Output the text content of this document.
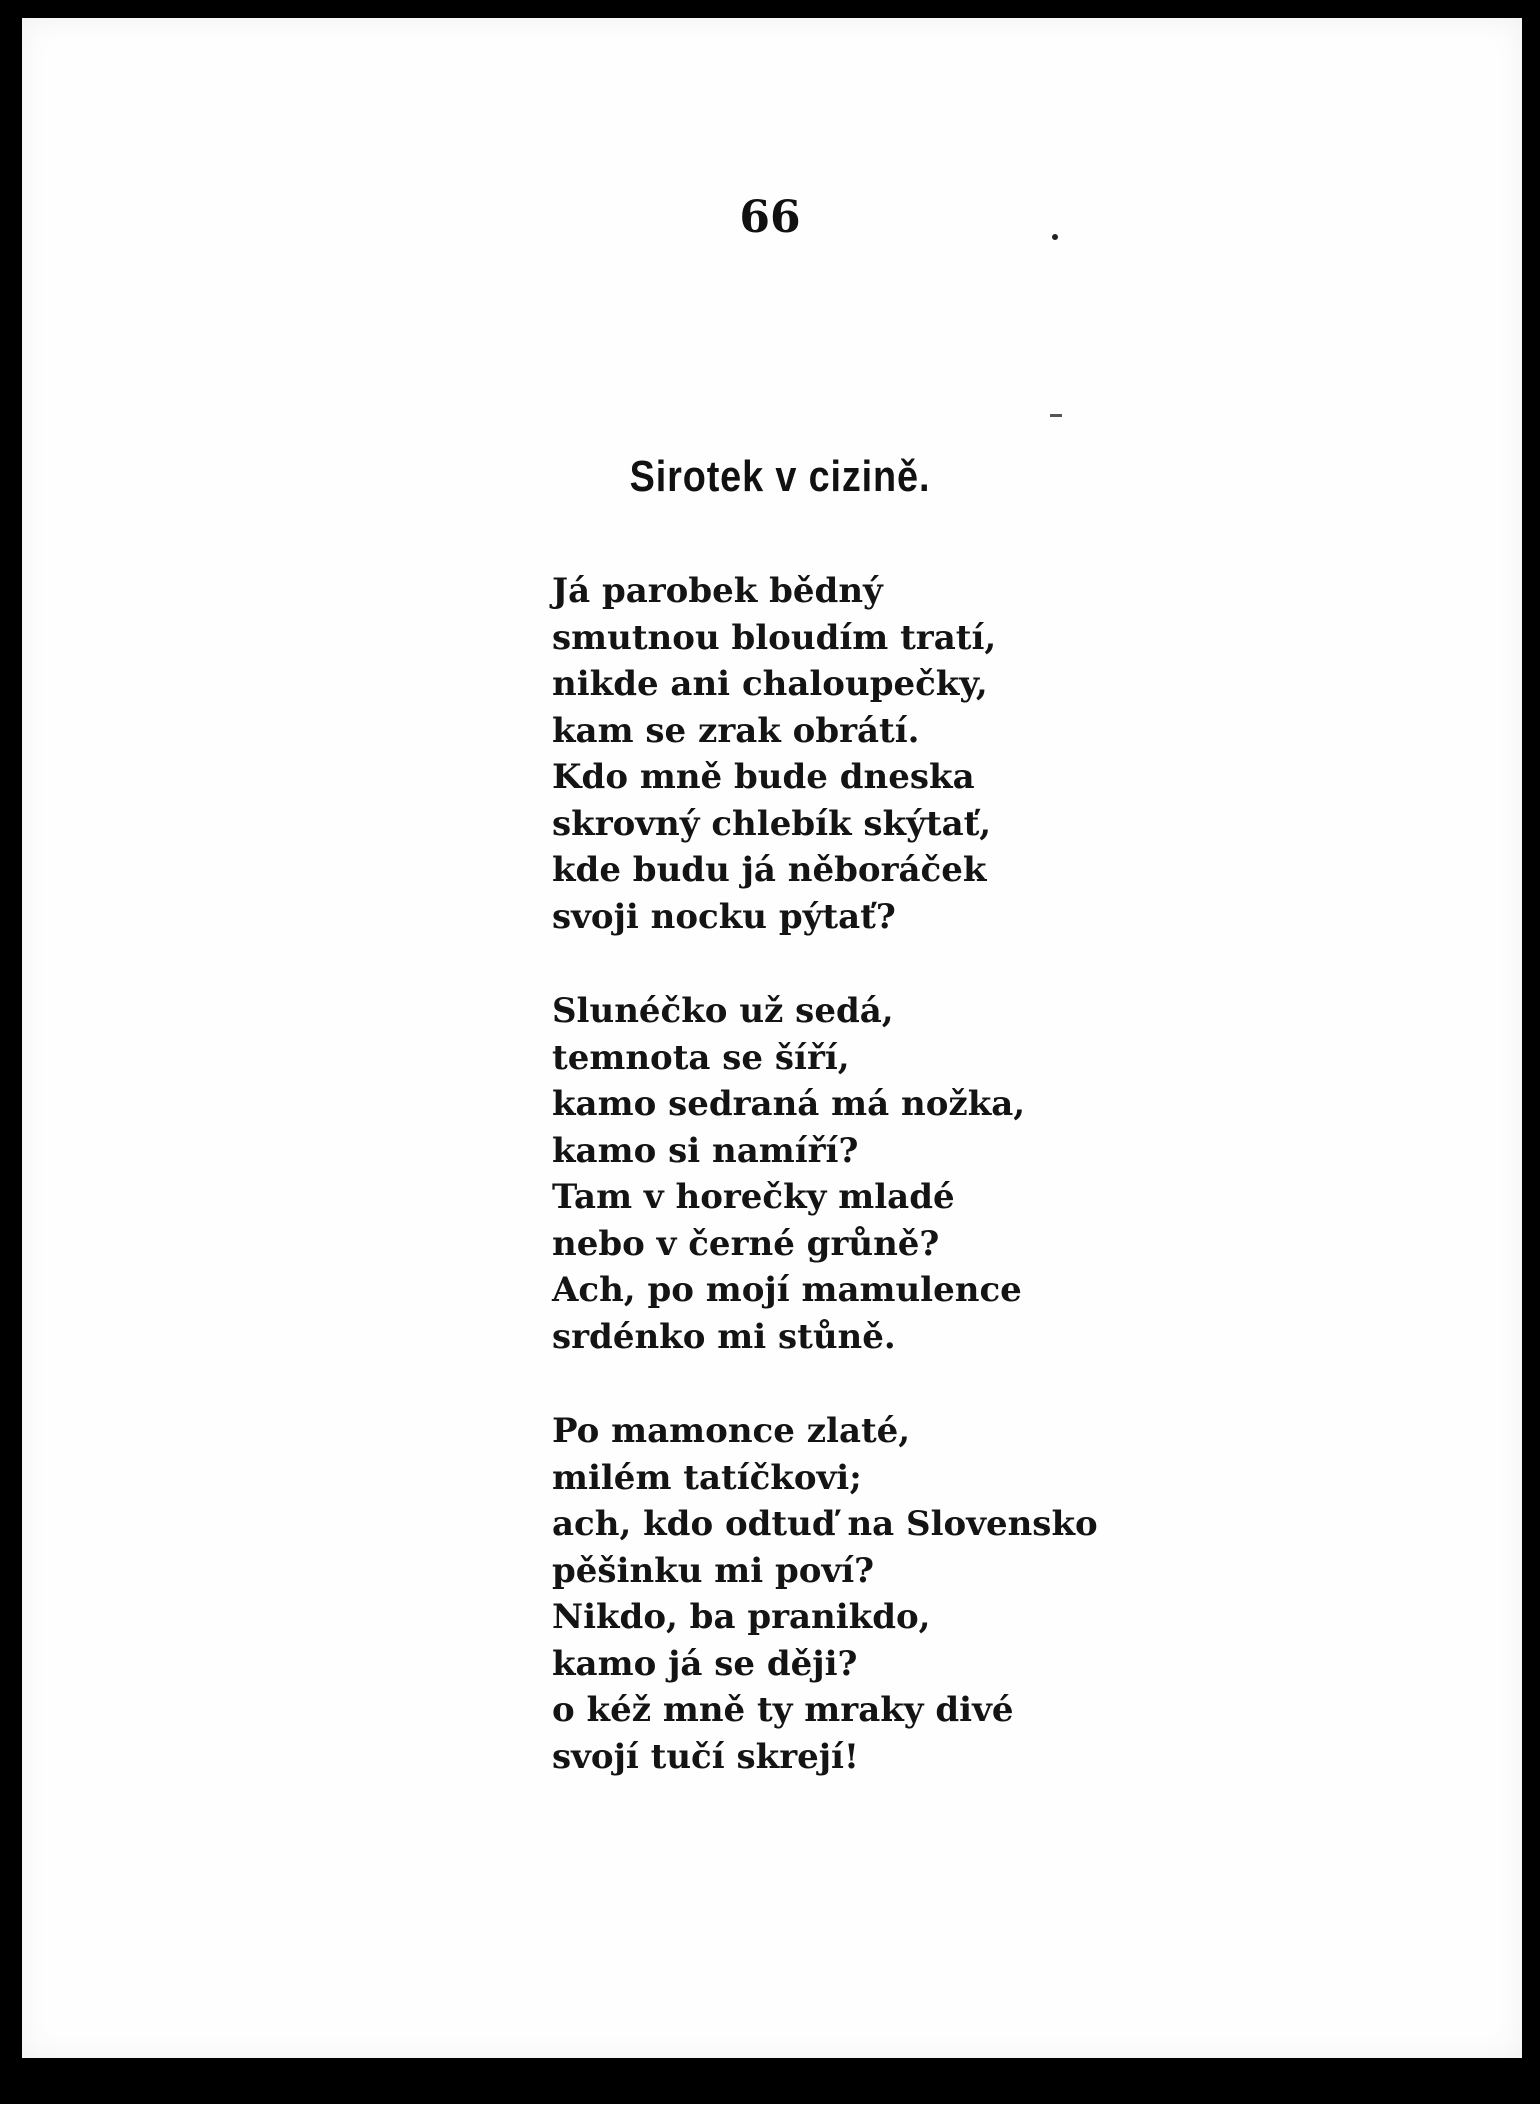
66
Sirotek v cizině.
Já parobek bědný
smutnou bloudím tratí,
nikde ani chaloupečky,
kam se zrak obrátí.
Kdo mně bude dneska
skrovný chlebík skýtať,
kde budu já něboráček
svoji nocku pýtať?
Slunéčko už sedá,
temnota se šíří,
kamo sedraná má nožka,
kamo si namíří?
Tam v horečky mladé
nebo v černé grůně?
Ach, po mojí mamulence
srdénko mi stůně.
Po mamonce zlaté,
milém tatíčkovi;
ach, kdo odtuď na Slovensko
pěšinku mi poví?
Nikdo, ba pranikdo,
kamo já se ději?
o kéž mně ty mraky divé
svojí tučí skrejí!
